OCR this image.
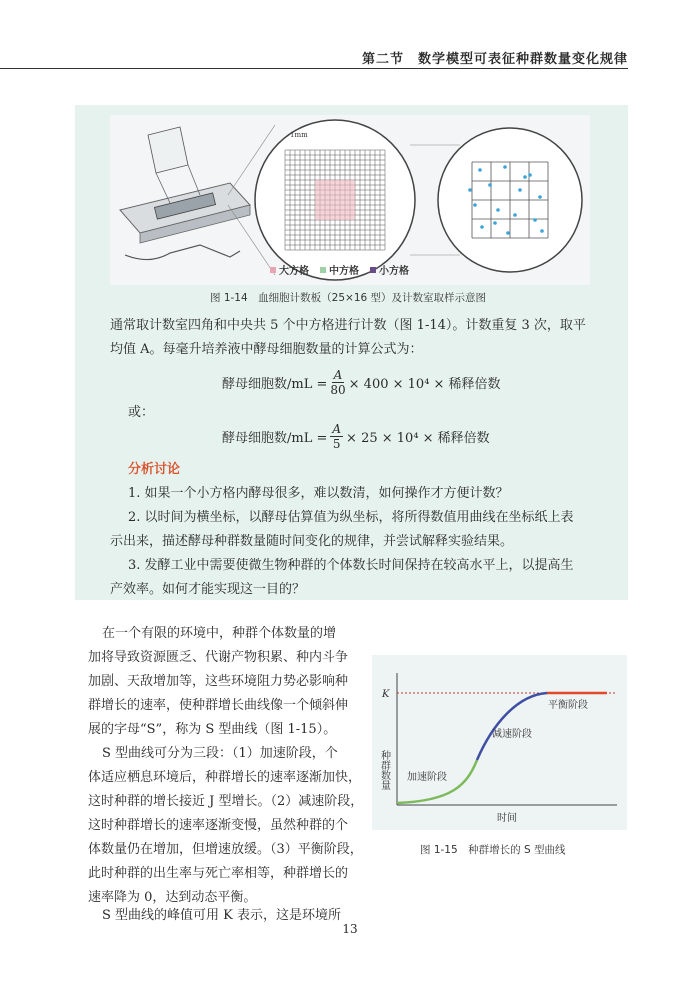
第二节　数学模型可表征种群数量变化规律
1mm
大方格 中方格 小方格
图 1-14　血细胞计数板（25×16 型）及计数室取样示意图
通常取计数室四角和中央共 5 个中方格进行计数（图 1-14）。计数重复 3 次，取平
均值 A。每毫升培养液中酵母细胞数量的计算公式为：
酵母细胞数$/mL = \frac{A}{80} \times 400 \times 10^4$ × 稀释倍数
或：
酵母细胞数$/mL = \frac{A}{5} \times 25 \times 10^4$ × 稀释倍数
分析讨论
1. 如果一个小方格内酵母很多，难以数清，如何操作才方便计数？
2. 以时间为横坐标，以酵母估算值为纵坐标，将所得数值用曲线在坐标纸上表
示出来，描述酵母种群数量随时间变化的规律，并尝试解释实验结果。
3. 发酵工业中需要使微生物种群的个体数长时间保持在较高水平上，以提高生
产效率。如何才能实现这一目的？
在一个有限的环境中，种群个体数量的增
加将导致资源匮乏、代谢产物积累、种内斗争
加剧、天敌增加等，这些环境阻力势必影响种
群增长的速率，使种群增长曲线像一个倾斜伸
展的字母“S”，称为 S 型曲线（图 1-15）。
S 型曲线可分为三段：（1）加速阶段，个
体适应栖息环境后，种群增长的速率逐渐加快，
这时种群的增长接近 J 型增长。（2）减速阶段，
这时种群增长的速率逐渐变慢，虽然种群的个
体数量仍在增加，但增速放缓。（3）平衡阶段，
此时种群的出生率与死亡率相等，种群增长的
速率降为 0，达到动态平衡。
S 型曲线的峰值可用 K 表示，这是环境所
K
种群数量
时间
加速阶段
减速阶段
平衡阶段
图 1-15　种群增长的 S 型曲线
13
